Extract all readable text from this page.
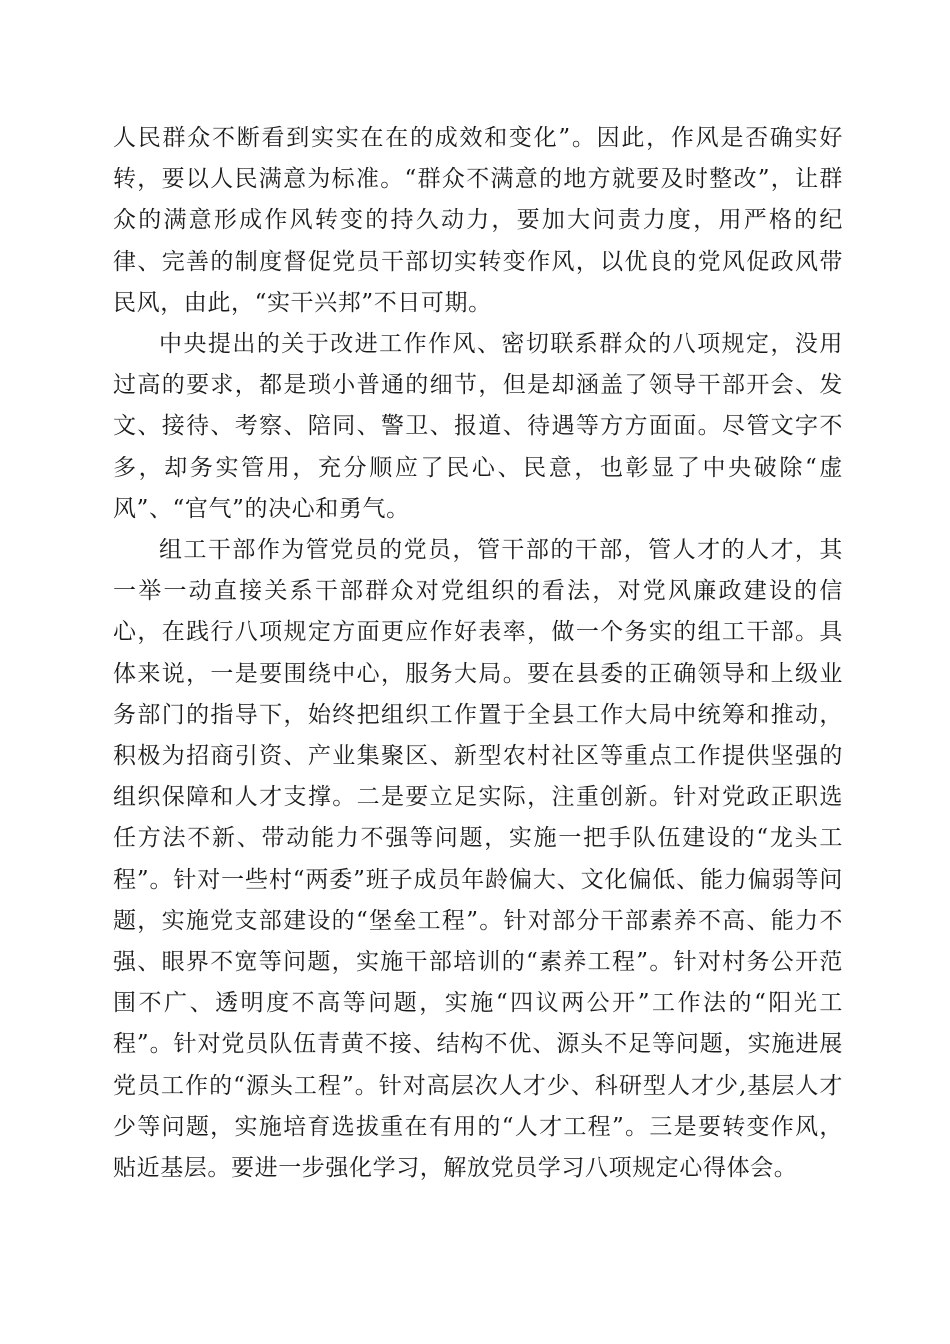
人民群众不断看到实实在在的成效和变化”。因此，作风是否确实好转，要以人民满意为标准。“群众不满意的地方就要及时整改”，让群众的满意形成作风转变的持久动力，要加大问责力度，用严格的纪律、完善的制度督促党员干部切实转变作风，以优良的党风促政风带民风，由此，“实干兴邦”不日可期。

中央提出的关于改进工作作风、密切联系群众的八项规定，没用过高的要求，都是琐小普通的细节，但是却涵盖了领导干部开会、发文、接待、考察、陪同、警卫、报道、待遇等方方面面。尽管文字不多，却务实管用，充分顺应了民心、民意，也彰显了中央破除“虚风”、“官气”的决心和勇气。

组工干部作为管党员的党员，管干部的干部，管人才的人才，其一举一动直接关系干部群众对党组织的看法，对党风廉政建设的信心，在践行八项规定方面更应作好表率，做一个务实的组工干部。具体来说，一是要围绕中心，服务大局。要在县委的正确领导和上级业务部门的指导下，始终把组织工作置于全县工作大局中统筹和推动，积极为招商引资、产业集聚区、新型农村社区等重点工作提供坚强的组织保障和人才支撑。二是要立足实际，注重创新。针对党政正职选任方法不新、带动能力不强等问题，实施一把手队伍建设的“龙头工程”。针对一些村“两委”班子成员年龄偏大、文化偏低、能力偏弱等问题，实施党支部建设的“堡垒工程”。针对部分干部素养不高、能力不强、眼界不宽等问题，实施干部培训的“素养工程”。针对村务公开范围不广、透明度不高等问题，实施“四议两公开”工作法的“阳光工程”。针对党员队伍青黄不接、结构不优、源头不足等问题，实施进展党员工作的“源头工程”。针对高层次人才少、科研型人才少,基层人才少等问题，实施培育选拔重在有用的“人才工程”。三是要转变作风，贴近基层。要进一步强化学习，解放党员学习八项规定心得体会。
